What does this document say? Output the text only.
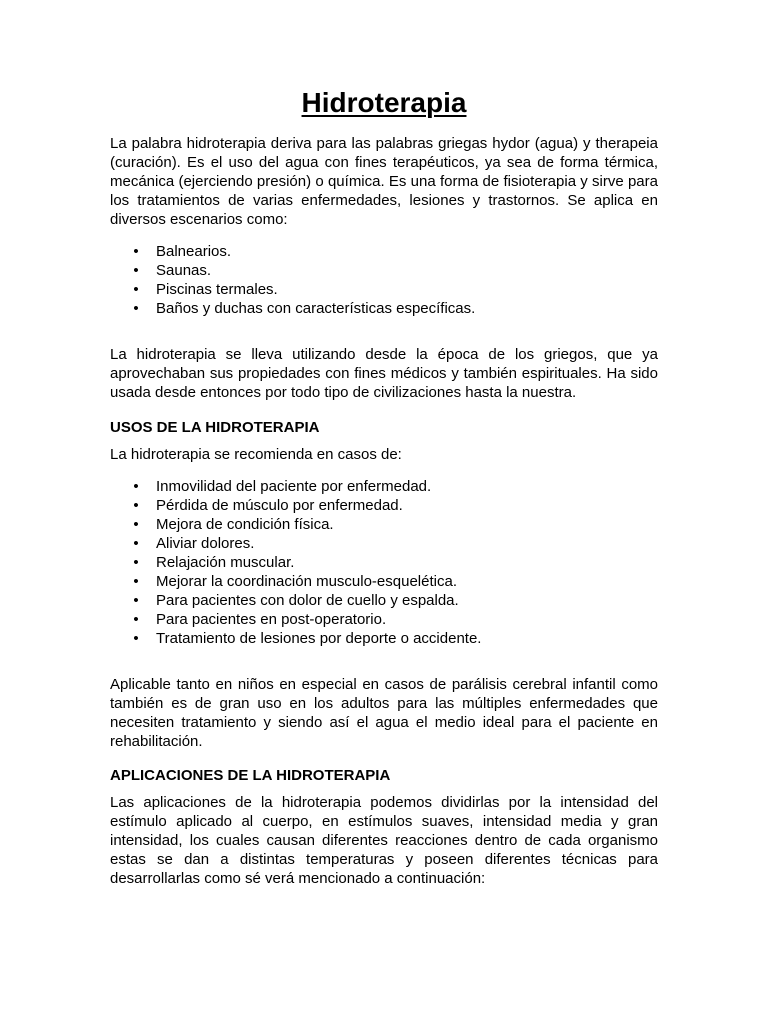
Hidroterapia

La palabra hidroterapia deriva para las palabras griegas hydor (agua) y therapeia (curación). Es el uso del agua con fines terapéuticos, ya sea de forma térmica, mecánica (ejerciendo presión) o química. Es una forma de fisioterapia y sirve para los tratamientos de varias enfermedades, lesiones y trastornos. Se aplica en diversos escenarios como:

• Balnearios.
• Saunas.
• Piscinas termales.
• Baños y duchas con características específicas.

La hidroterapia se lleva utilizando desde la época de los griegos, que ya aprovechaban sus propiedades con fines médicos y también espirituales. Ha sido usada desde entonces por todo tipo de civilizaciones hasta la nuestra.

USOS DE LA HIDROTERAPIA

La hidroterapia se recomienda en casos de:

• Inmovilidad del paciente por enfermedad.
• Pérdida de músculo por enfermedad.
• Mejora de condición física.
• Aliviar dolores.
• Relajación muscular.
• Mejorar la coordinación musculo-esquelética.
• Para pacientes con dolor de cuello y espalda.
• Para pacientes en post-operatorio.
• Tratamiento de lesiones por deporte o accidente.

Aplicable tanto en niños en especial en casos de parálisis cerebral infantil como también es de gran uso en los adultos para las múltiples enfermedades que necesiten tratamiento y siendo así el agua el medio ideal para el paciente en rehabilitación.

APLICACIONES DE LA HIDROTERAPIA

Las aplicaciones de la hidroterapia podemos dividirlas por la intensidad del estímulo aplicado al cuerpo, en estímulos suaves, intensidad media y gran intensidad, los cuales causan diferentes reacciones dentro de cada organismo estas se dan a distintas temperaturas y poseen diferentes técnicas para desarrollarlas como sé verá mencionado a continuación:
